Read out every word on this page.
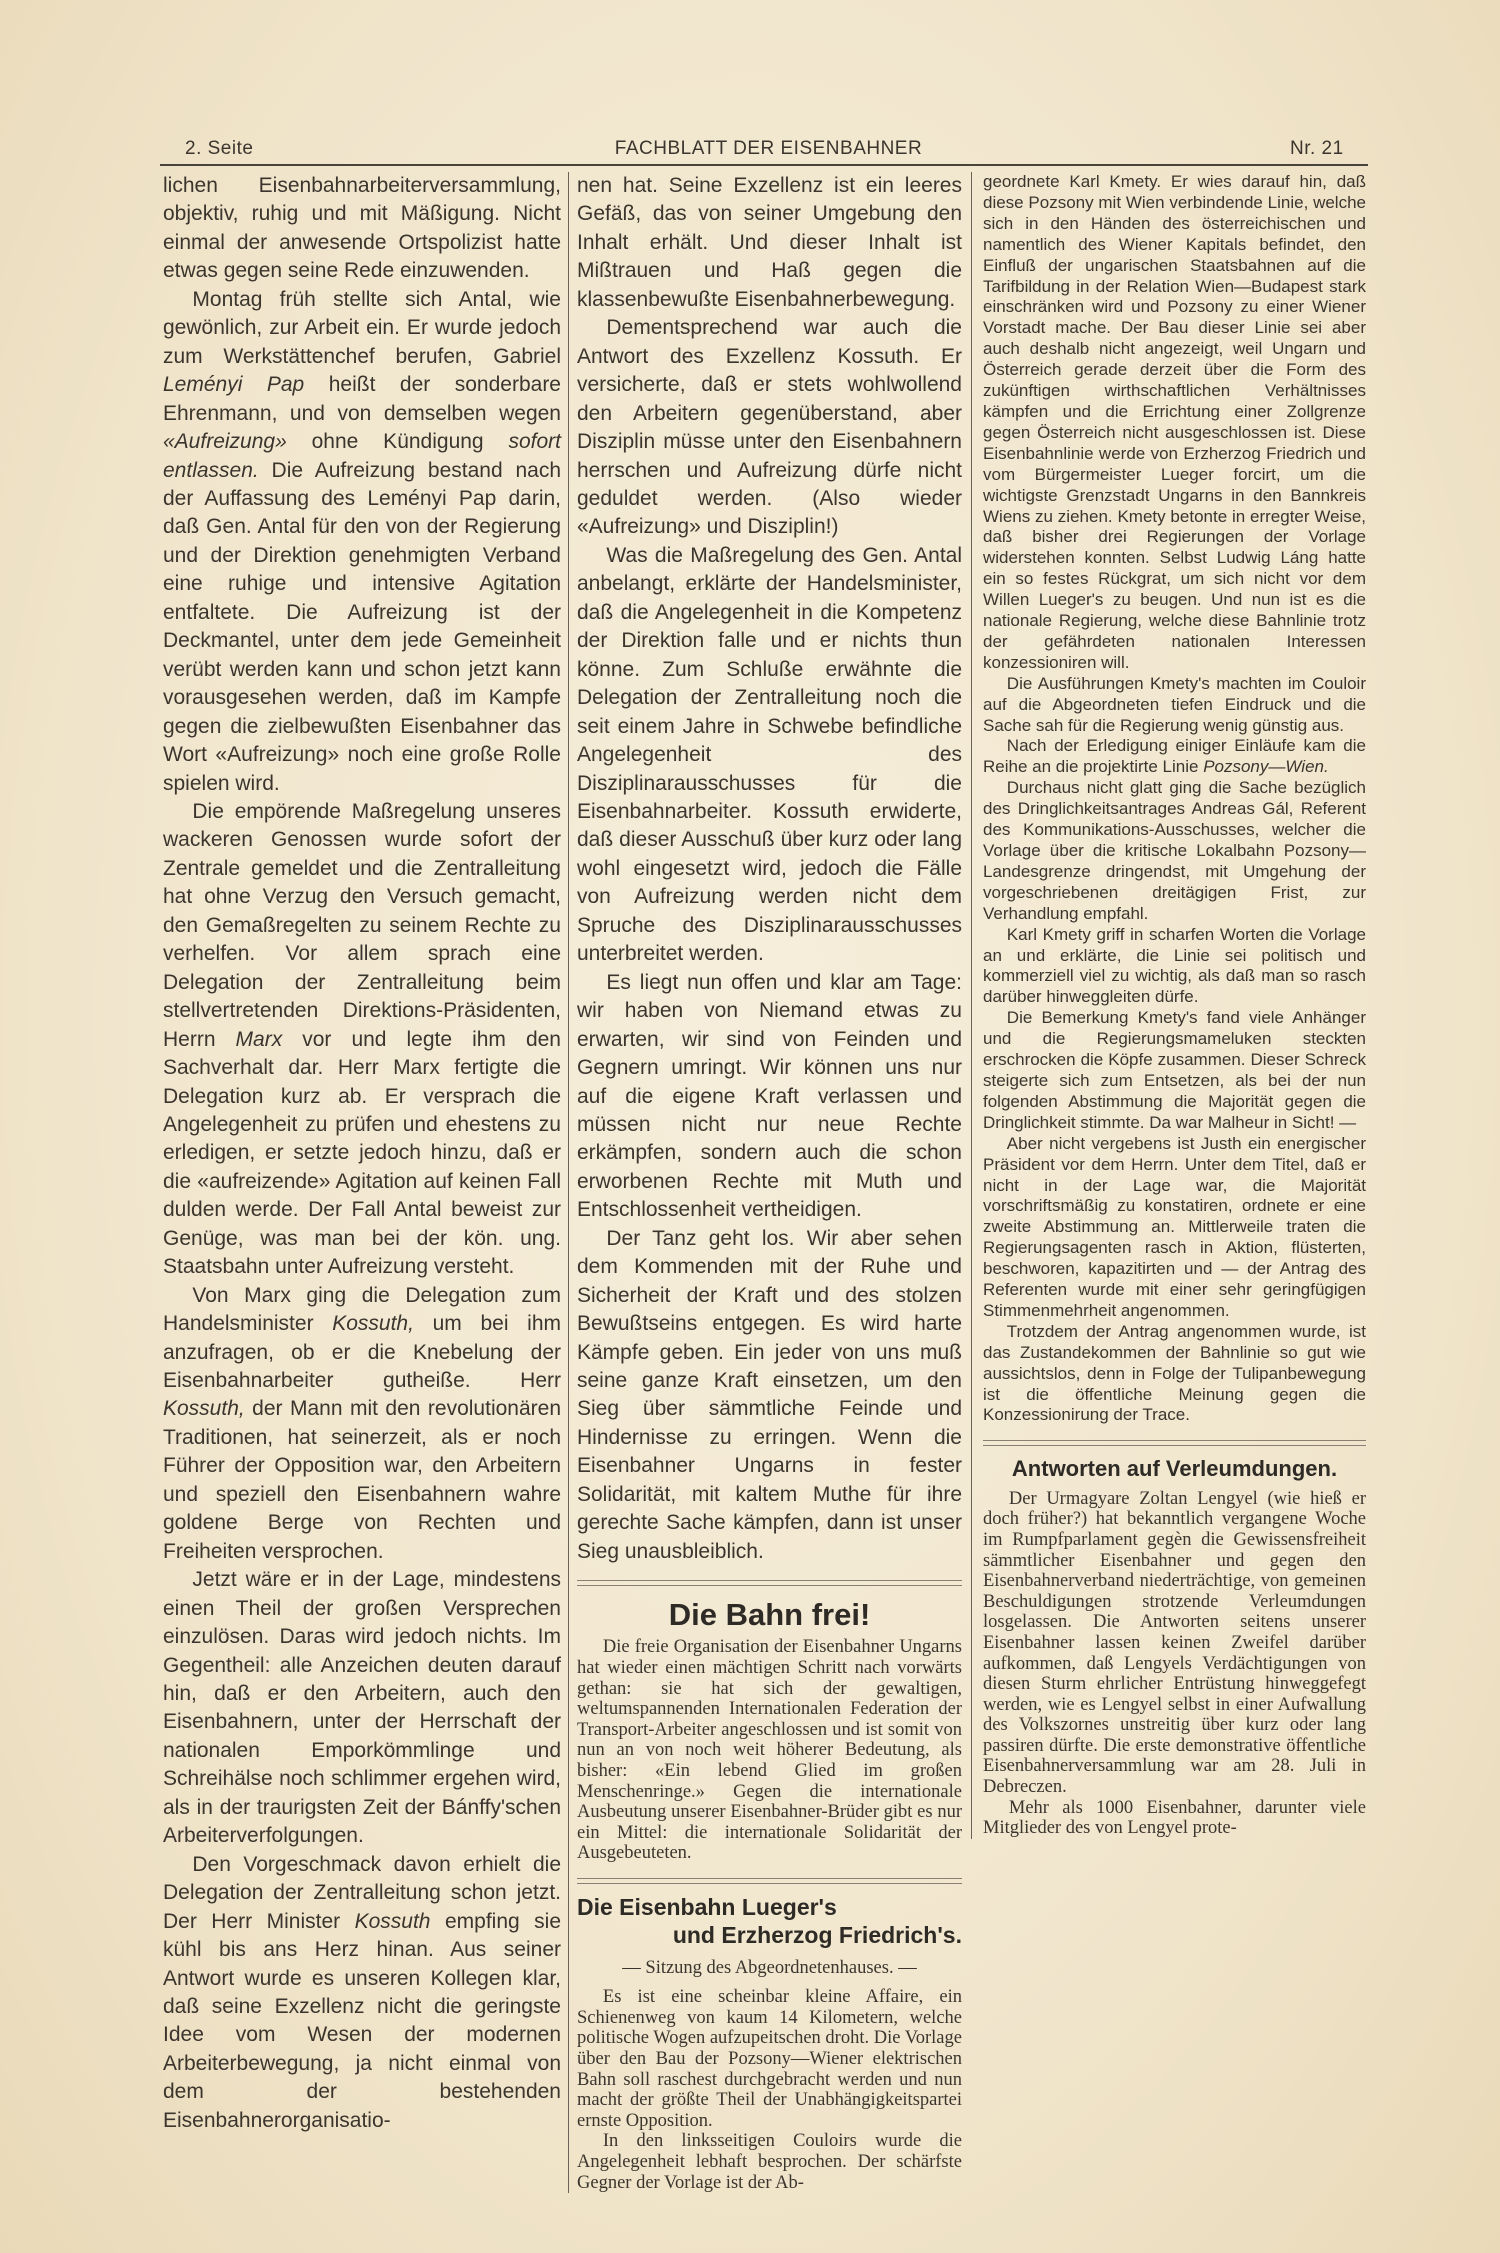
2. Seite	FACHBLATT DER EISENBAHNER	Nr. 21

lichen Eisenbahnarbeiterversammlung, objektiv, ruhig und mit Mäßigung. Nicht einmal der anwesende Ortspolizist hatte etwas gegen seine Rede einzuwenden.

Montag früh stellte sich Antal, wie gewönlich, zur Arbeit ein. Er wurde jedoch zum Werkstättenchef berufen, Gabriel Leményi Pap heißt der sonderbare Ehrenmann, und von demselben wegen «Aufreizung» ohne Kündigung sofort entlassen. Die Aufreizung bestand nach der Auffassung des Leményi Pap darin, daß Gen. Antal für den von der Regierung und der Direktion genehmigten Verband eine ruhige und intensive Agitation entfaltete. Die Aufreizung ist der Deckmantel, unter dem jede Gemeinheit verübt werden kann und schon jetzt kann vorausgesehen werden, daß im Kampfe gegen die zielbewußten Eisenbahner das Wort «Aufreizung» noch eine große Rolle spielen wird.

Die empörende Maßregelung unseres wackeren Genossen wurde sofort der Zentrale gemeldet und die Zentralleitung hat ohne Verzug den Versuch gemacht, den Gemaßregelten zu seinem Rechte zu verhelfen. Vor allem sprach eine Delegation der Zentralleitung beim stellvertretenden Direktions-Präsidenten, Herrn Marx vor und legte ihm den Sachverhalt dar. Herr Marx fertigte die Delegation kurz ab. Er versprach die Angelegenheit zu prüfen und ehestens zu erledigen, er setzte jedoch hinzu, daß er die «aufreizende» Agitation auf keinen Fall dulden werde. Der Fall Antal beweist zur Genüge, was man bei der kön. ung. Staatsbahn unter Aufreizung versteht.

Von Marx ging die Delegation zum Handelsminister Kossuth, um bei ihm anzufragen, ob er die Knebelung der Eisenbahnarbeiter gutheiße. Herr Kossuth, der Mann mit den revolutionären Traditionen, hat seinerzeit, als er noch Führer der Opposition war, den Arbeitern und speziell den Eisenbahnern wahre goldene Berge von Rechten und Freiheiten versprochen.

Jetzt wäre er in der Lage, mindestens einen Theil der großen Versprechen einzulösen. Daras wird jedoch nichts. Im Gegentheil: alle Anzeichen deuten darauf hin, daß er den Arbeitern, auch den Eisenbahnern, unter der Herrschaft der nationalen Emporkömmlinge und Schreihälse noch schlimmer ergehen wird, als in der traurigsten Zeit der Bánffy'schen Arbeiterverfolgungen.

Den Vorgeschmack davon erhielt die Delegation der Zentralleitung schon jetzt. Der Herr Minister Kossuth empfing sie kühl bis ans Herz hinan. Aus seiner Antwort wurde es unseren Kollegen klar, daß seine Exzellenz nicht die geringste Idee vom Wesen der modernen Arbeiterbewegung, ja nicht einmal von dem der bestehenden Eisenbahnerorganisatio-

nen hat. Seine Exzellenz ist ein leeres Gefäß, das von seiner Umgebung den Inhalt erhält. Und dieser Inhalt ist Mißtrauen und Haß gegen die klassenbewußte Eisenbahnerbewegung.

Dementsprechend war auch die Antwort des Exzellenz Kossuth. Er versicherte, daß er stets wohlwollend den Arbeitern gegenüberstand, aber Disziplin müsse unter den Eisenbahnern herrschen und Aufreizung dürfe nicht geduldet werden. (Also wieder «Aufreizung» und Disziplin!)

Was die Maßregelung des Gen. Antal anbelangt, erklärte der Handelsminister, daß die Angelegenheit in die Kompetenz der Direktion falle und er nichts thun könne. Zum Schluße erwähnte die Delegation der Zentralleitung noch die seit einem Jahre in Schwebe befindliche Angelegenheit des Disziplinarausschusses für die Eisenbahnarbeiter. Kossuth erwiderte, daß dieser Ausschuß über kurz oder lang wohl eingesetzt wird, jedoch die Fälle von Aufreizung werden nicht dem Spruche des Disziplinarausschusses unterbreitet werden.

Es liegt nun offen und klar am Tage: wir haben von Niemand etwas zu erwarten, wir sind von Feinden und Gegnern umringt. Wir können uns nur auf die eigene Kraft verlassen und müssen nicht nur neue Rechte erkämpfen, sondern auch die schon erworbenen Rechte mit Muth und Entschlossenheit vertheidigen.

Der Tanz geht los. Wir aber sehen dem Kommenden mit der Ruhe und Sicherheit der Kraft und des stolzen Bewußtseins entgegen. Es wird harte Kämpfe geben. Ein jeder von uns muß seine ganze Kraft einsetzen, um den Sieg über sämmtliche Feinde und Hindernisse zu erringen. Wenn die Eisenbahner Ungarns in fester Solidarität, mit kaltem Muthe für ihre gerechte Sache kämpfen, dann ist unser Sieg unausbleiblich.

Die Bahn frei!

Die freie Organisation der Eisenbahner Ungarns hat wieder einen mächtigen Schritt nach vorwärts gethan: sie hat sich der gewaltigen, weltumspannenden Internationalen Federation der Transport-Arbeiter angeschlossen und ist somit von nun an von noch weit höherer Bedeutung, als bisher: «Ein lebend Glied im großen Menschenringe.» Gegen die internationale Ausbeutung unserer Eisenbahner-Brüder gibt es nur ein Mittel: die internationale Solidarität der Ausgebeuteten.

Die Eisenbahn Lueger's
und Erzherzog Friedrich's.
— Sitzung des Abgeordnetenhauses. —

Es ist eine scheinbar kleine Affaire, ein Schienenweg von kaum 14 Kilometern, welche politische Wogen aufzupeitschen droht. Die Vorlage über den Bau der Pozsony—Wiener elektrischen Bahn soll raschest durchgebracht werden und nun macht der größte Theil der Unabhängigkeitspartei ernste Opposition.

In den linksseitigen Couloirs wurde die Angelegenheit lebhaft besprochen. Der schärfste Gegner der Vorlage ist der Ab-

geordnete Karl Kmety. Er wies darauf hin, daß diese Pozsony mit Wien verbindende Linie, welche sich in den Händen des österreichischen und namentlich des Wiener Kapitals befindet, den Einfluß der ungarischen Staatsbahnen auf die Tarifbildung in der Relation Wien—Budapest stark einschränken wird und Pozsony zu einer Wiener Vorstadt mache. Der Bau dieser Linie sei aber auch deshalb nicht angezeigt, weil Ungarn und Österreich gerade derzeit über die Form des zukünftigen wirthschaftlichen Verhältnisses kämpfen und die Errichtung einer Zollgrenze gegen Österreich nicht ausgeschlossen ist. Diese Eisenbahnlinie werde von Erzherzog Friedrich und vom Bürgermeister Lueger forcirt, um die wichtigste Grenzstadt Ungarns in den Bannkreis Wiens zu ziehen. Kmety betonte in erregter Weise, daß bisher drei Regierungen der Vorlage widerstehen konnten. Selbst Ludwig Láng hatte ein so festes Rückgrat, um sich nicht vor dem Willen Lueger's zu beugen. Und nun ist es die nationale Regierung, welche diese Bahnlinie trotz der gefährdeten nationalen Interessen konzessioniren will.

Die Ausführungen Kmety's machten im Couloir auf die Abgeordneten tiefen Eindruck und die Sache sah für die Regierung wenig günstig aus.

Nach der Erledigung einiger Einläufe kam die Reihe an die projektirte Linie Pozsony—Wien.

Durchaus nicht glatt ging die Sache bezüglich des Dringlichkeitsantrages Andreas Gál, Referent des Kommunikations-Ausschusses, welcher die Vorlage über die kritische Lokalbahn Pozsony—Landesgrenze dringendst, mit Umgehung der vorgeschriebenen dreitägigen Frist, zur Verhandlung empfahl.

Karl Kmety griff in scharfen Worten die Vorlage an und erklärte, die Linie sei politisch und kommerziell viel zu wichtig, als daß man so rasch darüber hinweggleiten dürfe.

Die Bemerkung Kmety's fand viele Anhänger und die Regierungsmameluken steckten erschrocken die Köpfe zusammen. Dieser Schreck steigerte sich zum Entsetzen, als bei der nun folgenden Abstimmung die Majorität gegen die Dringlichkeit stimmte. Da war Malheur in Sicht! —

Aber nicht vergebens ist Justh ein energischer Präsident vor dem Herrn. Unter dem Titel, daß er nicht in der Lage war, die Majorität vorschriftsmäßig zu konstatiren, ordnete er eine zweite Abstimmung an. Mittlerweile traten die Regierungsagenten rasch in Aktion, flüsterten, beschworen, kapazitirten und — der Antrag des Referenten wurde mit einer sehr geringfügigen Stimmenmehrheit angenommen.

Trotzdem der Antrag angenommen wurde, ist das Zustandekommen der Bahnlinie so gut wie aussichtslos, denn in Folge der Tulipanbewegung ist die öffentliche Meinung gegen die Konzessionirung der Trace.

Antworten auf Verleumdungen.

Der Urmagyare Zoltan Lengyel (wie hieß er doch früher?) hat bekanntlich vergangene Woche im Rumpfparlament gegèn die Gewissensfreiheit sämmtlicher Eisenbahner und gegen den Eisenbahnerverband niederträchtige, von gemeinen Beschuldigungen strotzende Verleumdungen losgelassen. Die Antworten seitens unserer Eisenbahner lassen keinen Zweifel darüber aufkommen, daß Lengyels Verdächtigungen von diesen Sturm ehrlicher Entrüstung hinweggefegt werden, wie es Lengyel selbst in einer Aufwallung des Volkszornes unstreitig über kurz oder lang passiren dürfte. Die erste demonstrative öffentliche Eisenbahnerversammlung war am 28. Juli in Debreczen.

Mehr als 1000 Eisenbahner, darunter viele Mitglieder des von Lengyel prote-
